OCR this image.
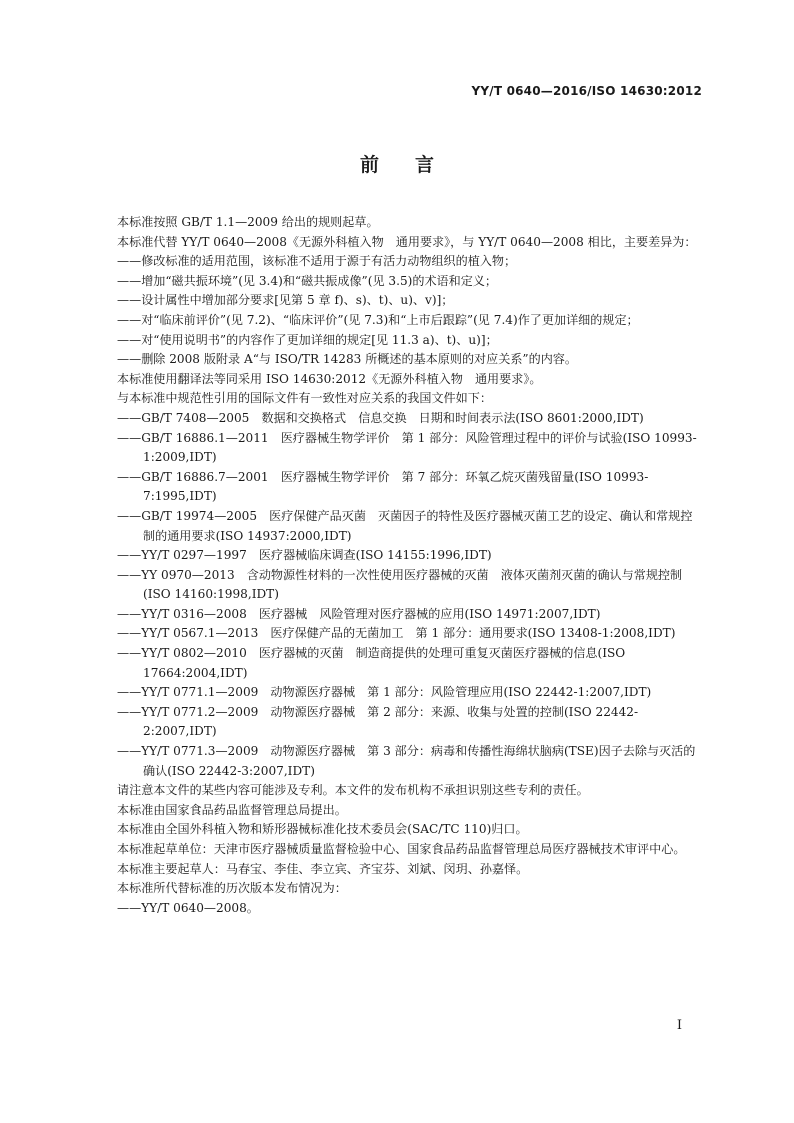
YY/T 0640—2016/ISO 14630:2012
前言

本标准按照 GB/T 1.1—2009 给出的规则起草。

本标准代替 YY/T 0640—2008《无源外科植入物　通用要求》，与 YY/T 0640—2008 相比，主要差异为：

——修改标准的适用范围，该标准不适用于源于有活力动物组织的植入物；

——增加“磁共振环境”(见 3.4)和“磁共振成像”(见 3.5)的术语和定义；

——设计属性中增加部分要求[见第 5 章 f)、s)、t)、u)、v)]；

——对“临床前评价”(见 7.2)、“临床评价”(见 7.3)和“上市后跟踪”(见 7.4)作了更加详细的规定；

——对“使用说明书”的内容作了更加详细的规定[见 11.3 a)、t)、u)]；

——删除 2008 版附录 A“与 ISO/TR 14283 所概述的基本原则的对应关系”的内容。

本标准使用翻译法等同采用 ISO 14630:2012《无源外科植入物　通用要求》。

与本标准中规范性引用的国际文件有一致性对应关系的我国文件如下：

——GB/T 7408—2005　数据和交换格式　信息交换　日期和时间表示法(ISO 8601:2000,IDT)

——GB/T 16886.1—2011　医疗器械生物学评价　第 1 部分：风险管理过程中的评价与试验(ISO 10993-1:2009,IDT)

——GB/T 16886.7—2001　医疗器械生物学评价　第 7 部分：环氧乙烷灭菌残留量(ISO 10993-7:1995,IDT)

——GB/T 19974—2005　医疗保健产品灭菌　灭菌因子的特性及医疗器械灭菌工艺的设定、确认和常规控制的通用要求(ISO 14937:2000,IDT)

——YY/T 0297—1997　医疗器械临床调查(ISO 14155:1996,IDT)

——YY 0970—2013　含动物源性材料的一次性使用医疗器械的灭菌　液体灭菌剂灭菌的确认与常规控制(ISO 14160:1998,IDT)

——YY/T 0316—2008　医疗器械　风险管理对医疗器械的应用(ISO 14971:2007,IDT)

——YY/T 0567.1—2013　医疗保健产品的无菌加工　第 1 部分：通用要求(ISO 13408-1:2008,IDT)

——YY/T 0802—2010　医疗器械的灭菌　制造商提供的处理可重复灭菌医疗器械的信息(ISO 17664:2004,IDT)

——YY/T 0771.1—2009　动物源医疗器械　第 1 部分：风险管理应用(ISO 22442-1:2007,IDT)

——YY/T 0771.2—2009　动物源医疗器械　第 2 部分：来源、收集与处置的控制(ISO 22442-2:2007,IDT)

——YY/T 0771.3—2009　动物源医疗器械　第 3 部分：病毒和传播性海绵状脑病(TSE)因子去除与灭活的确认(ISO 22442-3:2007,IDT)

请注意本文件的某些内容可能涉及专利。本文件的发布机构不承担识别这些专利的责任。

本标准由国家食品药品监督管理总局提出。

本标准由全国外科植入物和矫形器械标准化技术委员会(SAC/TC 110)归口。

本标准起草单位：天津市医疗器械质量监督检验中心、国家食品药品监督管理总局医疗器械技术审评中心。

本标准主要起草人：马春宝、李佳、李立宾、齐宝芬、刘斌、闵玥、孙嘉怿。

本标准所代替标准的历次版本发布情况为：

——YY/T 0640—2008。

I
